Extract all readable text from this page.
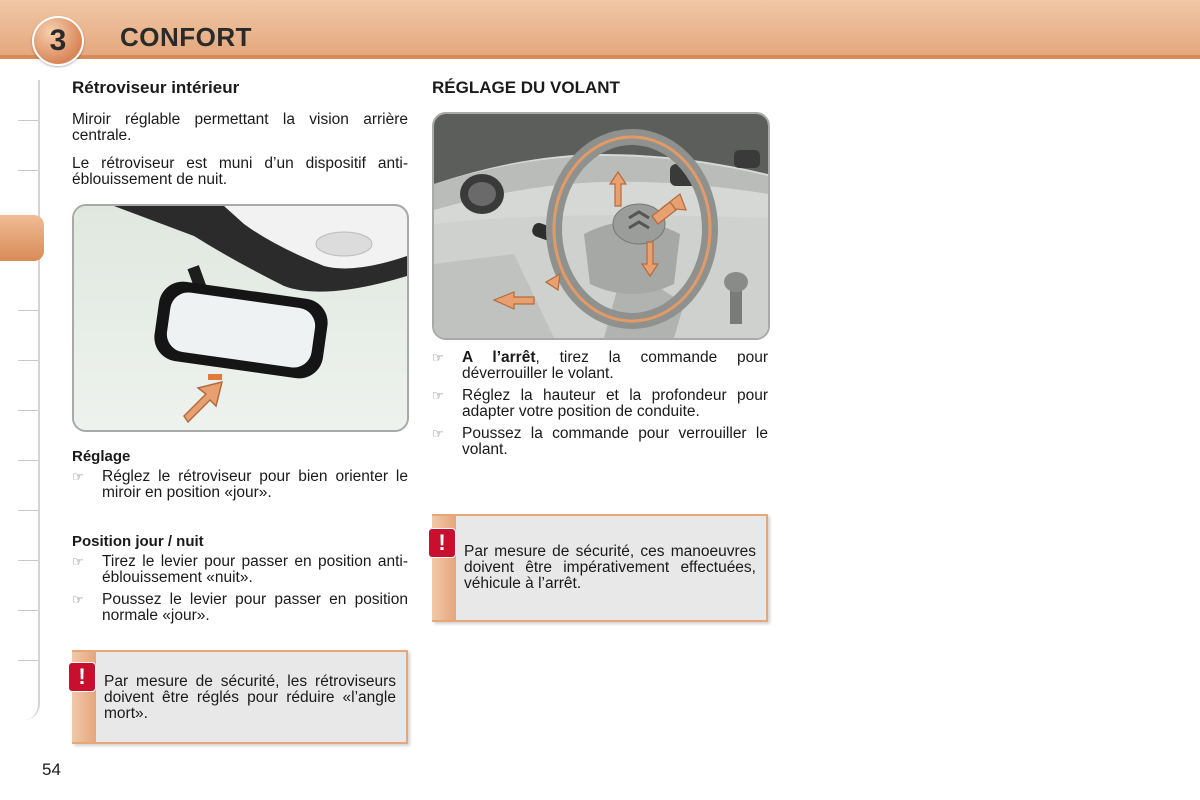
3	CONFORT
Rétroviseur intérieur

Miroir réglable permettant la vision arrière centrale.

Le rétroviseur est muni d’un dispositif anti-éblouissement de nuit.

Réglage
☞ Réglez le rétroviseur pour bien orienter le miroir en position «jour».
Position jour / nuit
☞ Tirez le levier pour passer en position anti-éblouissement «nuit».
☞ Poussez le levier pour passer en position normale «jour».
!	Par mesure de sécurité, les rétroviseurs doivent être réglés pour réduire «l’angle mort».
RÉGLAGE DU VOLANT
☞ A l’arrêt, tirez la commande pour déverrouiller le volant.
☞ Réglez la hauteur et la profondeur pour adapter votre position de conduite.
☞ Poussez la commande pour verrouiller le volant.
!	Par mesure de sécurité, ces manoeuvres doivent être impérativement effectuées, véhicule à l’arrêt.
54
